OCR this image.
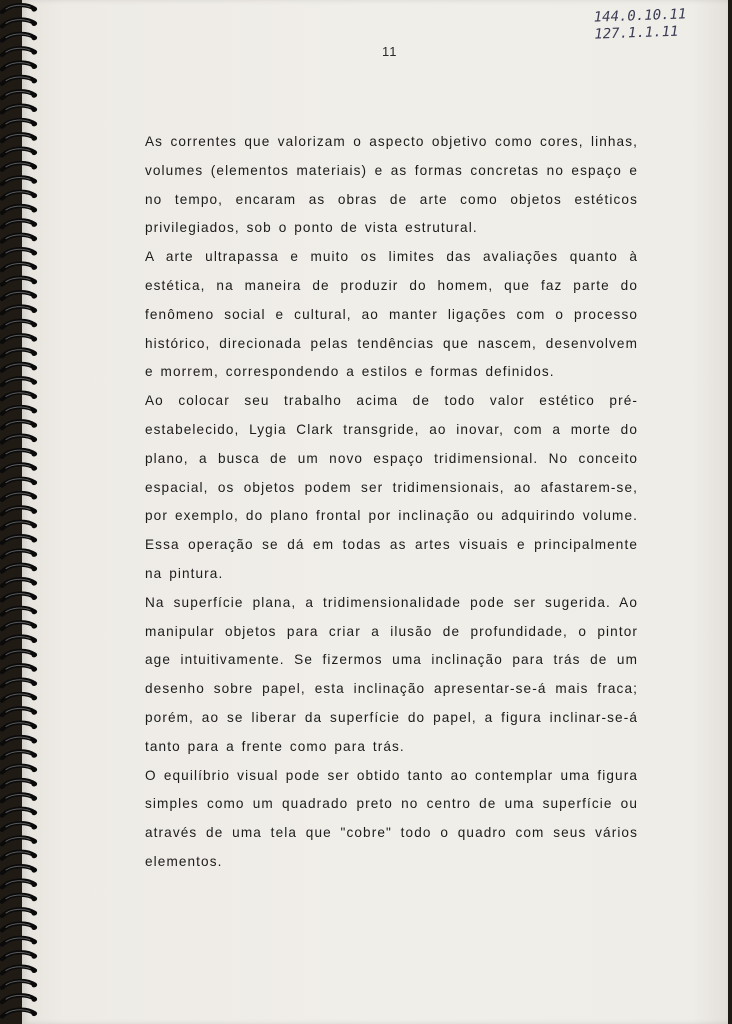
144.0.10.11
127.1.1.11
11

As correntes que valorizam o aspecto objetivo como cores, linhas, volumes (elementos materiais) e as formas concretas no espaço e no tempo, encaram as obras de arte como objetos estéticos privilegiados, sob o ponto de vista estrutural.

A arte ultrapassa e muito os limites das avaliações quanto à estética, na maneira de produzir do homem, que faz parte do fenômeno social e cultural, ao manter ligações com o processo histórico, direcionada pelas tendências que nascem, desenvolvem e morrem, correspondendo a estilos e formas definidos.

Ao colocar seu trabalho acima de todo valor estético pré-estabelecido, Lygia Clark transgride, ao inovar, com a morte do plano, a busca de um novo espaço tridimensional. No conceito espacial, os objetos podem ser tridimensionais, ao afastarem-se, por exemplo, do plano frontal por inclinação ou adquirindo volume. Essa operação se dá em todas as artes visuais e principalmente na pintura.

Na superfície plana, a tridimensionalidade pode ser sugerida. Ao manipular objetos para criar a ilusão de profundidade, o pintor age intuitivamente. Se fizermos uma inclinação para trás de um desenho sobre papel, esta inclinação apresentar-se-á mais fraca; porém, ao se liberar da superfície do papel, a figura inclinar-se-á tanto para a frente como para trás.

O equilíbrio visual pode ser obtido tanto ao contemplar uma figura simples como um quadrado preto no centro de uma superfície ou através de uma tela que "cobre" todo o quadro com seus vários elementos.
